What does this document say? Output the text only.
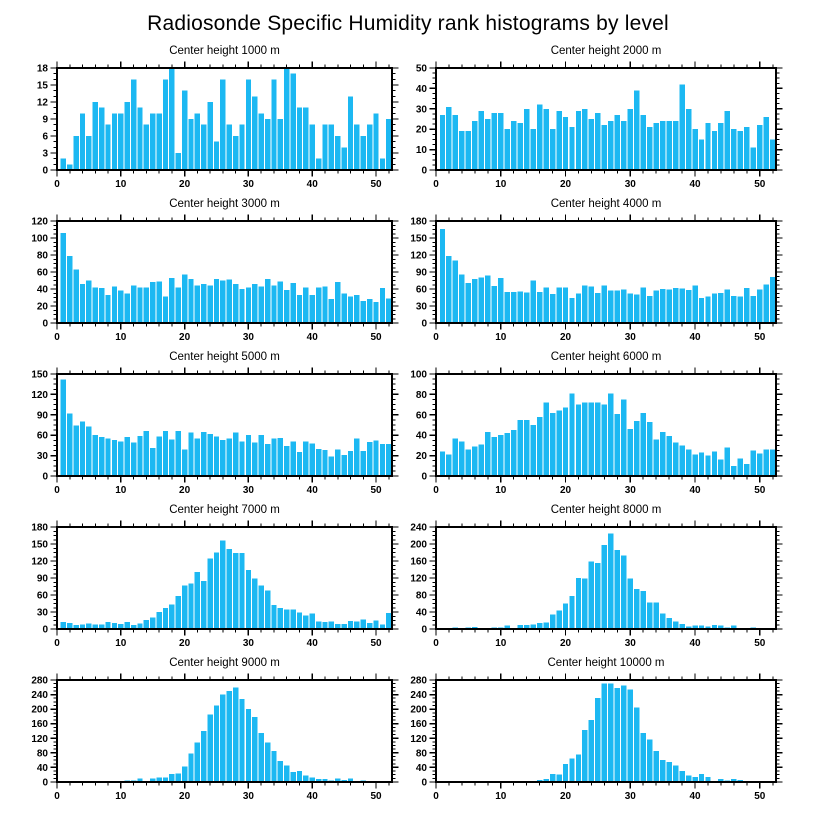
Radiosonde Specific Humidity rank histograms by level
Center height 1000 m
0	10	20	30	40	50
0
3
6
9
12
15
18
Center height 2000 m
0	10	20	30	40	50
0
10
20
30
40
50
Center height 3000 m
0	10	20	30	40	50
0
20
40
60
80
100
120
Center height 4000 m
0	10	20	30	40	50
0
30
60
90
120
150
180
Center height 5000 m
0	10	20	30	40	50
0
30
60
90
120
150
Center height 6000 m
0	10	20	30	40	50
0
20
40
60
80
100
Center height 7000 m
0	10	20	30	40	50
0
30
60
90
120
150
180
Center height 8000 m
0	10	20	30	40	50
0
40
80
120
160
200
240
Center height 9000 m
0	10	20	30	40	50
0
40
80
120
160
200
240
280
Center height 10000 m
0	10	20	30	40	50
0
40
80
120
160
200
240
280
